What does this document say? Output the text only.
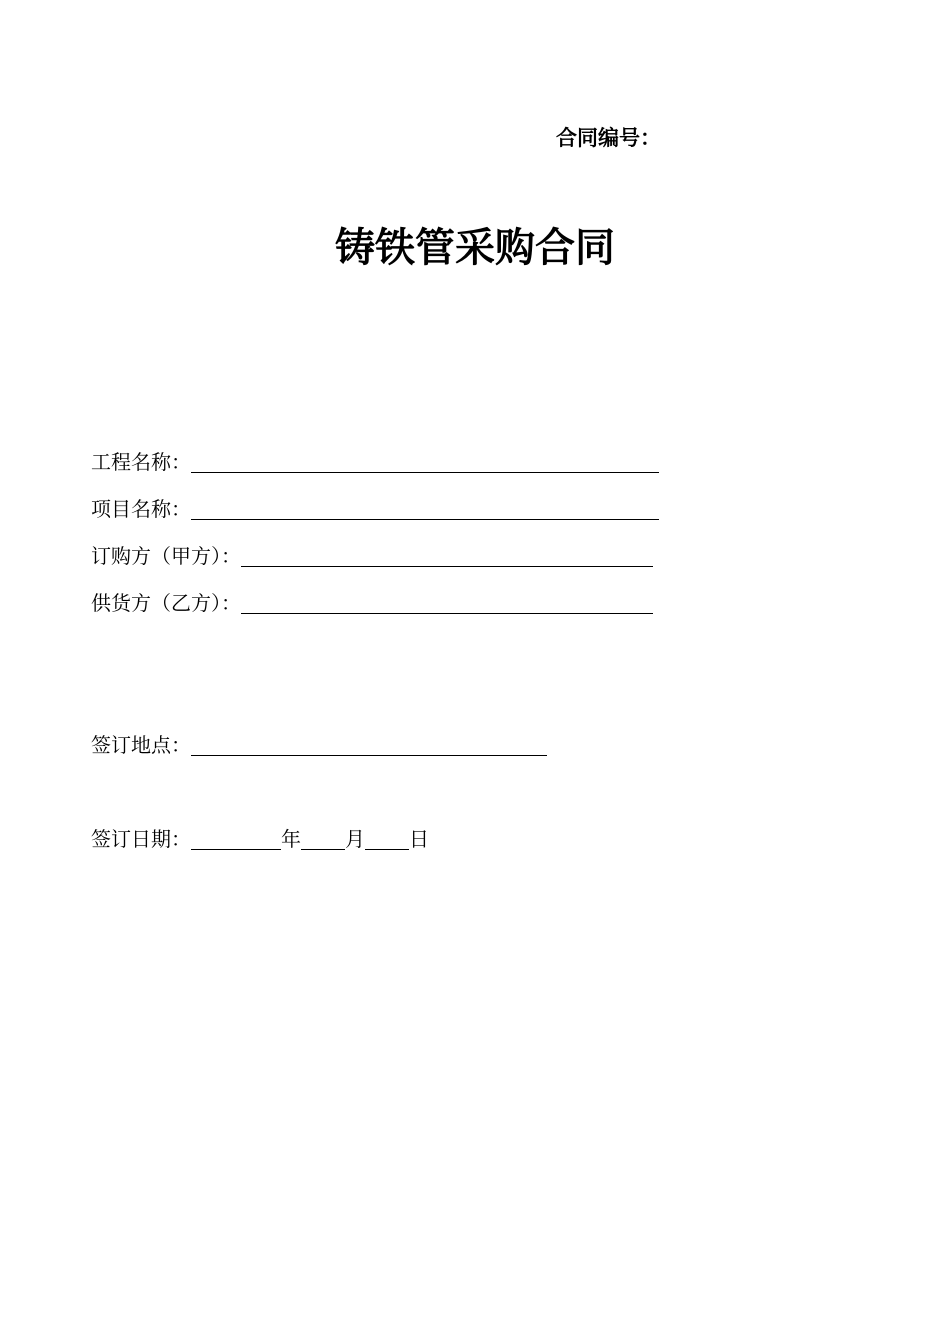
合同编号：
铸铁管采购合同
工程名称：
项目名称：
订购方（甲方）：
供货方（乙方）：
签订地点：
签订日期：	年 月 日
